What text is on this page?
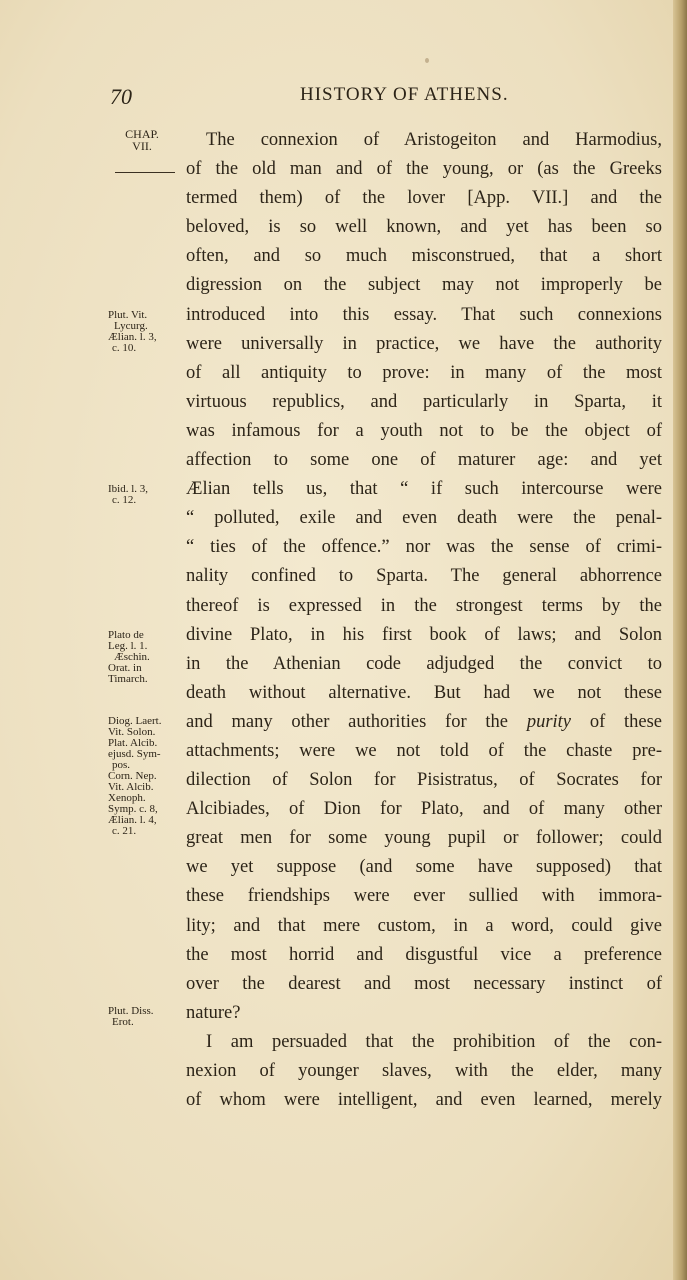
70	HISTORY OF ATHENS.
CHAP.
VII.
Plut. Vit.
Lycurg.
Ælian. l. 3,
c. 10.
Ibid. l. 3,
c. 12.
Plato de
Leg. l. 1.
Æschin.
Orat. in
Timarch.
Diog. Laert.
Vit. Solon.
Plat. Alcib.
ejusd. Sym-
pos.
Corn. Nep.
Vit. Alcib.
Xenoph.
Symp. c. 8,
Ælian. l. 4,
c. 21.
Plut. Diss.
Erot.
The connexion of Aristogeiton and Harmodius,
of the old man and of the young, or (as the Greeks
termed them) of the lover [App. VII.] and the
beloved, is so well known, and yet has been so
often, and so much misconstrued, that a short
digression on the subject may not improperly be
introduced into this essay. That such connexions
were universally in practice, we have the authority
of all antiquity to prove: in many of the most
virtuous republics, and particularly in Sparta, it
was infamous for a youth not to be the object of
affection to some one of maturer age: and yet
Ælian tells us, that “ if such intercourse were
“ polluted, exile and even death were the penal-
“ ties of the offence.” nor was the sense of crimi-
nality confined to Sparta. The general abhorrence
thereof is expressed in the strongest terms by the
divine Plato, in his first book of laws; and Solon
in the Athenian code adjudged the convict to
death without alternative. But had we not these
and many other authorities for the purity of these
attachments; were we not told of the chaste pre-
dilection of Solon for Pisistratus, of Socrates for
Alcibiades, of Dion for Plato, and of many other
great men for some young pupil or follower; could
we yet suppose (and some have supposed) that
these friendships were ever sullied with immora-
lity; and that mere custom, in a word, could give
the most horrid and disgustful vice a preference
over the dearest and most necessary instinct of
nature?
I am persuaded that the prohibition of the con-
nexion of younger slaves, with the elder, many
of whom were intelligent, and even learned, merely
